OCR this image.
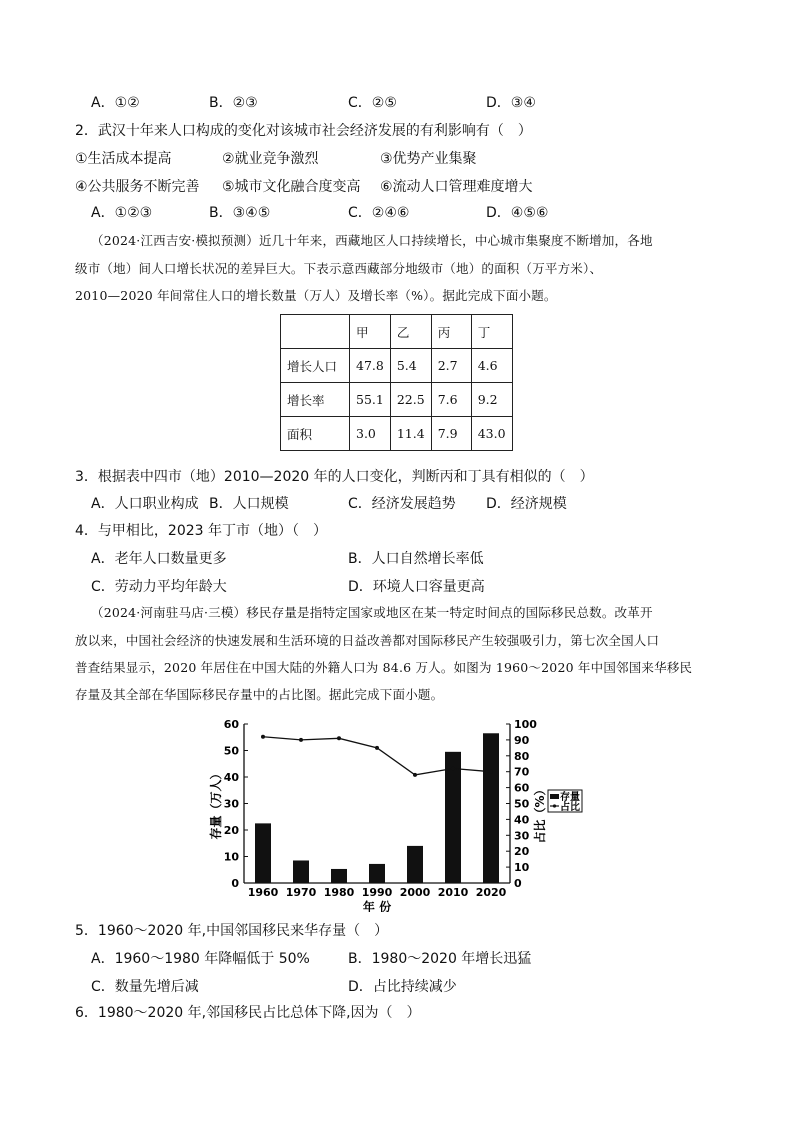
A．①②	B．②③	C．②⑤	D．③④
2．武汉十年来人口构成的变化对该城市社会经济发展的有利影响有（　）
①生活成本提高	②就业竞争激烈	③优势产业集聚
④公共服务不断完善 ⑤城市文化融合度变高 ⑥流动人口管理难度增大
A．①②③	B．③④⑤	C．②④⑥	D．④⑤⑥
（2024·江西吉安·模拟预测）近几十年来，西藏地区人口持续增长，中心城市集聚度不断增加，各地
级市（地）间人口增长状况的差异巨大。下表示意西藏部分地级市（地）的面积（万平方米）、
2010—2020 年间常住人口的增长数量（万人）及增长率（%）。据此完成下面小题。
	甲	乙	丙	丁
增长人口	47.8	5.4	2.7	4.6
增长率	55.1	22.5	7.6	9.2
面积	3.0	11.4	7.9	43.0
3．根据表中四市（地）2010—2020 年的人口变化，判断丙和丁具有相似的（　）
A．人口职业构成 B．人口规模	C．经济发展趋势 D．经济规模
4．与甲相比，2023 年丁市（地）（　）
A．老年人口数量更多	B．人口自然增长率低
C．劳动力平均年龄大	D．环境人口容量更高
（2024·河南驻马店·三模）移民存量是指特定国家或地区在某一特定时间点的国际移民总数。改革开
放以来，中国社会经济的快速发展和生活环境的日益改善都对国际移民产生较强吸引力，第七次全国人口
普查结果显示，2020 年居住在中国大陆的外籍人口为 84.6 万人。如图为 1960～2020 年中国邻国来华移民
存量及其全部在华国际移民存量中的占比图。据此完成下面小题。
0
10
20
30
40
50
60
0
10
20
30
40
50
60
70
80
90
100
1960 1970 1980 1990 2000 2010 2020
存量（万人）	占比（%）
年 份
存量
占比
5．1960～2020 年,中国邻国移民来华存量（　）
A．1960～1980 年降幅低于 50%	B．1980～2020 年增长迅猛
C．数量先增后减	D．占比持续减少
6．1980～2020 年,邻国移民占比总体下降,因为（　）
